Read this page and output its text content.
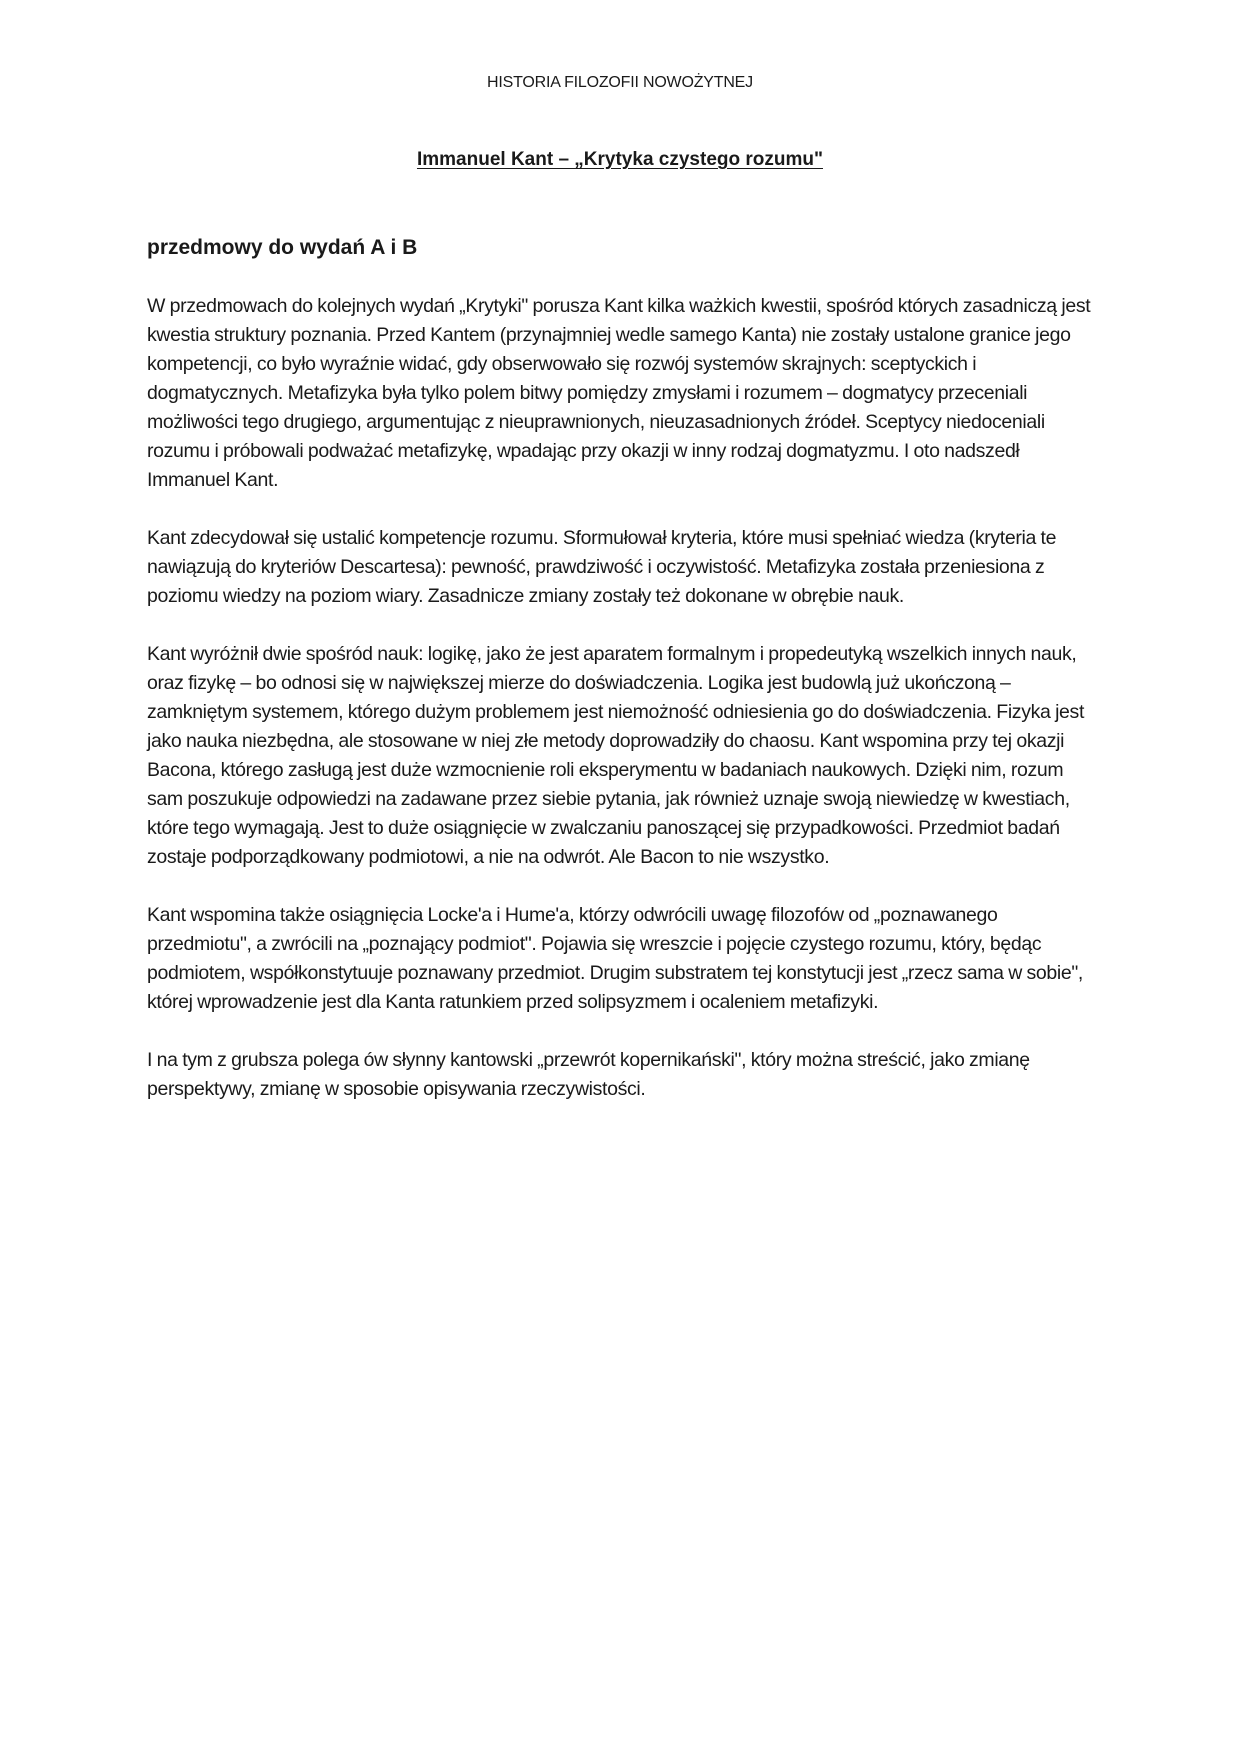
HISTORIA FILOZOFII NOWOŻYTNEJ
Immanuel Kant – „Krytyka czystego rozumu"
przedmowy do wydań A i B

W przedmowach do kolejnych wydań „Krytyki" porusza Kant kilka ważkich kwestii, spośród których zasadniczą jest kwestia struktury poznania. Przed Kantem (przynajmniej wedle samego Kanta) nie zostały ustalone granice jego kompetencji, co było wyraźnie widać, gdy obserwowało się rozwój systemów skrajnych: sceptyckich i dogmatycznych. Metafizyka była tylko polem bitwy pomiędzy zmysłami i rozumem – dogmatycy przeceniali możliwości tego drugiego, argumentując z nieuprawnionych, nieuzasadnionych źródeł. Sceptycy niedoceniali rozumu i próbowali podważać metafizykę, wpadając przy okazji w inny rodzaj dogmatyzmu. I oto nadszedł Immanuel Kant.

Kant zdecydował się ustalić kompetencje rozumu. Sformułował kryteria, które musi spełniać wiedza (kryteria te nawiązują do kryteriów Descartesa): pewność, prawdziwość i oczywistość. Metafizyka została przeniesiona z poziomu wiedzy na poziom wiary. Zasadnicze zmiany zostały też dokonane w obrębie nauk.

Kant wyróżnił dwie spośród nauk: logikę, jako że jest aparatem formalnym i propedeutyką wszelkich innych nauk, oraz fizykę – bo odnosi się w największej mierze do doświadczenia. Logika jest budowlą już ukończoną – zamkniętym systemem, którego dużym problemem jest niemożność odniesienia go do doświadczenia. Fizyka jest jako nauka niezbędna, ale stosowane w niej złe metody doprowadziły do chaosu. Kant wspomina przy tej okazji Bacona, którego zasługą jest duże wzmocnienie roli eksperymentu w badaniach naukowych. Dzięki nim, rozum sam poszukuje odpowiedzi na zadawane przez siebie pytania, jak również uznaje swoją niewiedzę w kwestiach, które tego wymagają. Jest to duże osiągnięcie w zwalczaniu panoszącej się przypadkowości. Przedmiot badań zostaje podporządkowany podmiotowi, a nie na odwrót. Ale Bacon to nie wszystko.

Kant wspomina także osiągnięcia Locke'a i Hume'a, którzy odwrócili uwagę filozofów od „poznawanego przedmiotu", a zwrócili na „poznający podmiot". Pojawia się wreszcie i pojęcie czystego rozumu, który, będąc podmiotem, współkonstytuuje poznawany przedmiot. Drugim substratem tej konstytucji jest „rzecz sama w sobie", której wprowadzenie jest dla Kanta ratunkiem przed solipsyzmem i ocaleniem metafizyki.

I na tym z grubsza polega ów słynny kantowski „przewrót kopernikański", który można streścić, jako zmianę perspektywy, zmianę w sposobie opisywania rzeczywistości.
